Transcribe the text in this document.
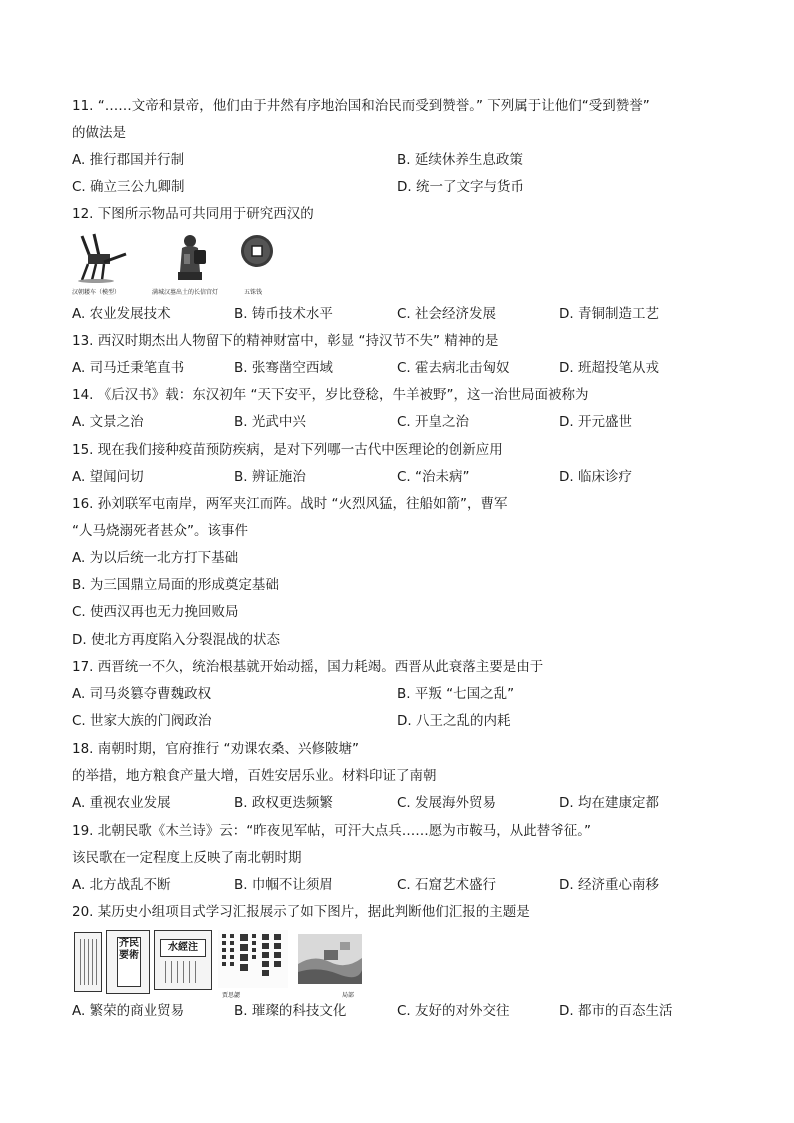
11. “……文帝和景帝，他们由于井然有序地治国和治民而受到赞誉。” 下列属于让他们“受到赞誉”
的做法是
A. 推行郡国并行制	B. 延续休养生息政策
C. 确立三公九卿制	D. 统一了文字与货币
12. 下图所示物品可共同用于研究西汉的
汉朝耧车（模型）	满城汉墓出土的长信宫灯	五铢钱
A. 农业发展技术	B. 铸币技术水平	C. 社会经济发展	D. 青铜制造工艺
13. 西汉时期杰出人物留下的精神财富中，彰显 “持汉节不失” 精神的是
A. 司马迁秉笔直书	B. 张骞凿空西域	C. 霍去病北击匈奴	D. 班超投笔从戎
14. 《后汉书》载：东汉初年 “天下安平，岁比登稔，牛羊被野”，这一治世局面被称为
A. 文景之治	B. 光武中兴	C. 开皇之治	D. 开元盛世
15. 现在我们接种疫苗预防疾病，是对下列哪一古代中医理论的创新应用
A. 望闻问切	B. 辨证施治	C. “治未病”	D. 临床诊疗
16. 孙刘联军屯南岸，两军夹江而阵。战时 “火烈风猛，往船如箭”，曹军
“人马烧溺死者甚众”。该事件
A. 为以后统一北方打下基础
B. 为三国鼎立局面的形成奠定基础
C. 使西汉再也无力挽回败局
D. 使北方再度陷入分裂混战的状态
17. 西晋统一不久，统治根基就开始动摇，国力耗竭。西晋从此衰落主要是由于
A. 司马炎篡夺曹魏政权	B. 平叛 “七国之乱”
C. 世家大族的门阀政治	D. 八王之乱的内耗
18. 南朝时期，官府推行 “劝课农桑、兴修陂塘”
的举措，地方粮食产量大增，百姓安居乐业。材料印证了南朝
A. 重视农业发展	B. 政权更迭频繁	C. 发展海外贸易	D. 均在建康定都
19. 北朝民歌《木兰诗》云：“昨夜见军帖，可汗大点兵……愿为市鞍马，从此替爷征。”
该民歌在一定程度上反映了南北朝时期
A. 北方战乱不断	B. 巾帼不让须眉	C. 石窟艺术盛行	D. 经济重心南移
20. 某历史小组项目式学习汇报展示了如下图片，据此判断他们汇报的主题是
齐民要術
水經注
贾思勰	局部
A. 繁荣的商业贸易	B. 璀璨的科技文化	C. 友好的对外交往	D. 都市的百态生活
